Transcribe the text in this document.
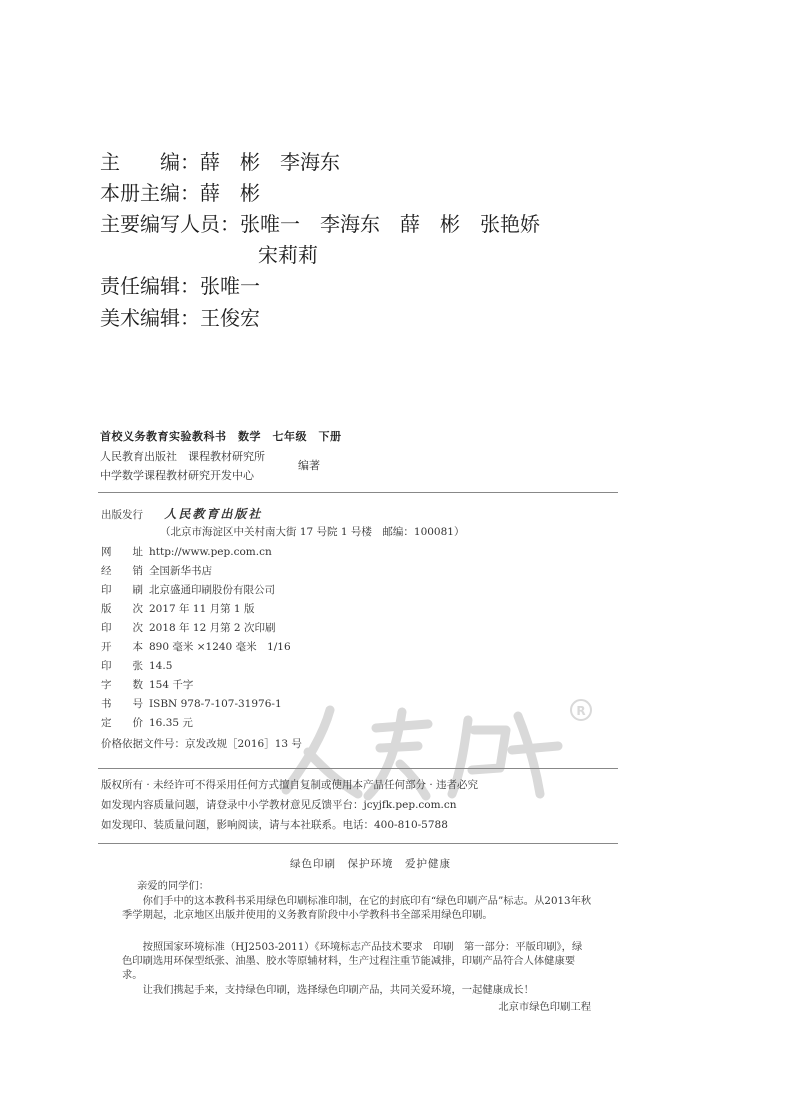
主　　编：薛　彬　李海东
本册主编：薛　彬
主要编写人员：张唯一　李海东　薛　彬　张艳娇
宋莉莉
责任编辑：张唯一
美术编辑：王俊宏
首校义务教育实验教科书　数学　七年级　下册
人民教育出版社　课程教材研究所
中学数学课程教材研究开发中心
编著
出版发行 人民教育出版社
（北京市海淀区中关村南大街 17 号院 1 号楼　邮编：100081）
网　　址 http://www.pep.com.cn
经　　销 全国新华书店
印　　刷 北京盛通印刷股份有限公司
版　　次 2017 年 11 月第 1 版
印　　次 2018 年 12 月第 2 次印刷
开　　本 890 毫米 ×1240 毫米　1/16
印　　张 14.5
字　　数 154 千字
书　　号 ISBN 978-7-107-31976-1
定　　价 16.35 元
价格依据文件号：京发改规［2016］13 号
R
版权所有 · 未经许可不得采用任何方式擅自复制或使用本产品任何部分 · 违者必究
如发现内容质量问题，请登录中小学教材意见反馈平台：jcyjfk.pep.com.cn
如发现印、装质量问题，影响阅读，请与本社联系。电话：400-810-5788
绿色印刷　保护环境　爱护健康
亲爱的同学们：
你们手中的这本教科书采用绿色印刷标准印制，在它的封底印有“绿色印刷产品”标志。从2013年秋季学期起，北京地区出版并使用的义务教育阶段中小学教科书全部采用绿色印刷。
按照国家环境标准（HJ2503-2011）《环境标志产品技术要求　印刷　第一部分：平版印刷》，绿色印刷选用环保型纸张、油墨、胶水等原辅材料，生产过程注重节能减排，印刷产品符合人体健康要求。
让我们携起手来，支持绿色印刷，选择绿色印刷产品，共同关爱环境，一起健康成长！
北京市绿色印刷工程
